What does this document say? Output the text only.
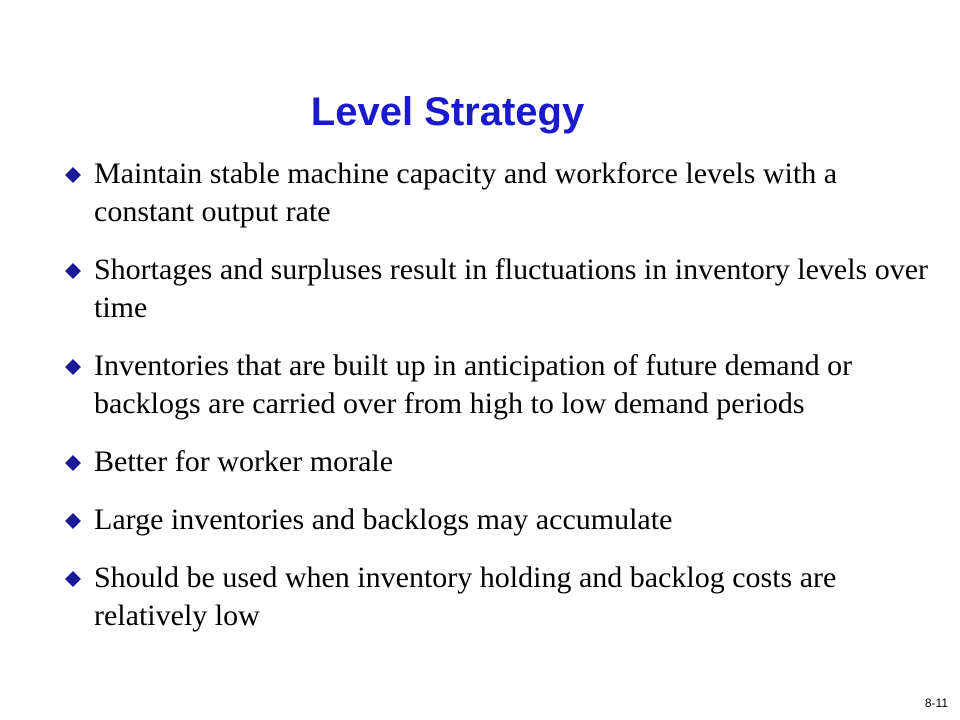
Level Strategy
Maintain stable machine capacity and workforce levels with a constant output rate
Shortages and surpluses result in fluctuations in inventory levels over time
Inventories that are built up in anticipation of future demand or backlogs are carried over from high to low demand periods
Better for worker morale
Large inventories and backlogs may accumulate
Should be used when inventory holding and backlog costs are relatively low
8-11
